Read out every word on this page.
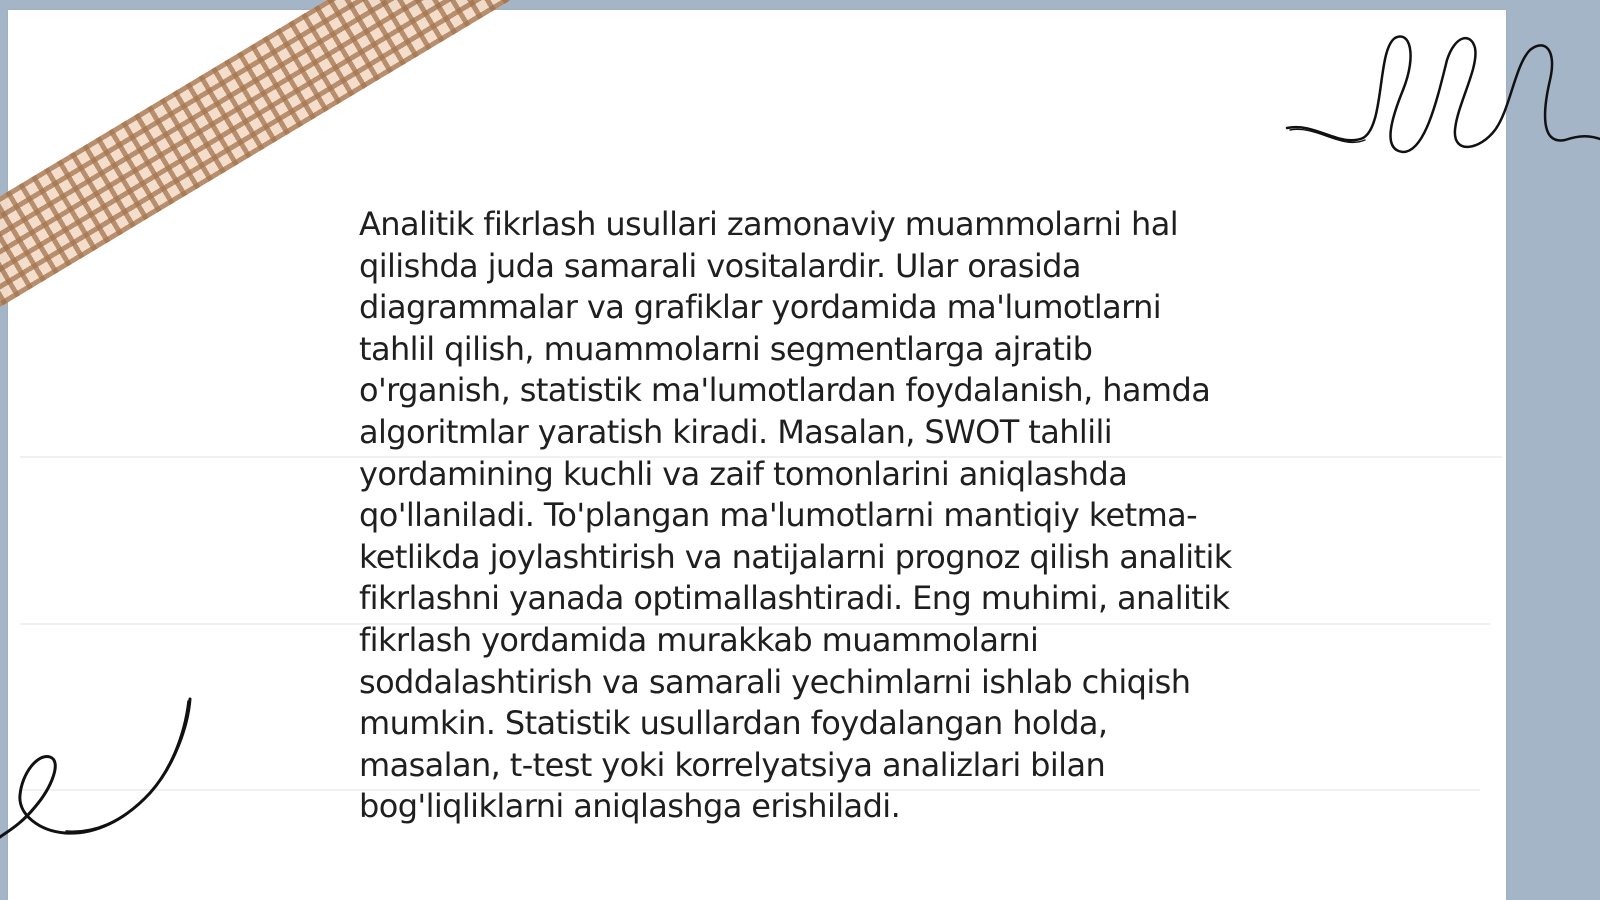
Analitik fikrlash usullari zamonaviy muammolarni hal qilishda juda samarali vositalardir. Ular orasida diagrammalar va grafiklar yordamida ma'lumotlarni tahlil qilish, muammolarni segmentlarga ajratib o'rganish, statistik ma'lumotlardan foydalanish, hamda algoritmlar yaratish kiradi. Masalan, SWOT tahlili yordamining kuchli va zaif tomonlarini aniqlashda qo'llaniladi. To'plangan ma'lumotlarni mantiqiy ketma-ketlikda joylashtirish va natijalarni prognoz qilish analitik fikrlashni yanada optimallashtiradi. Eng muhimi, analitik fikrlash yordamida murakkab muammolarni soddalashtirish va samarali yechimlarni ishlab chiqish mumkin. Statistik usullardan foydalangan holda, masalan, t-test yoki korrelyatsiya analizlari bilan bog'liqliklarni aniqlashga erishiladi.
